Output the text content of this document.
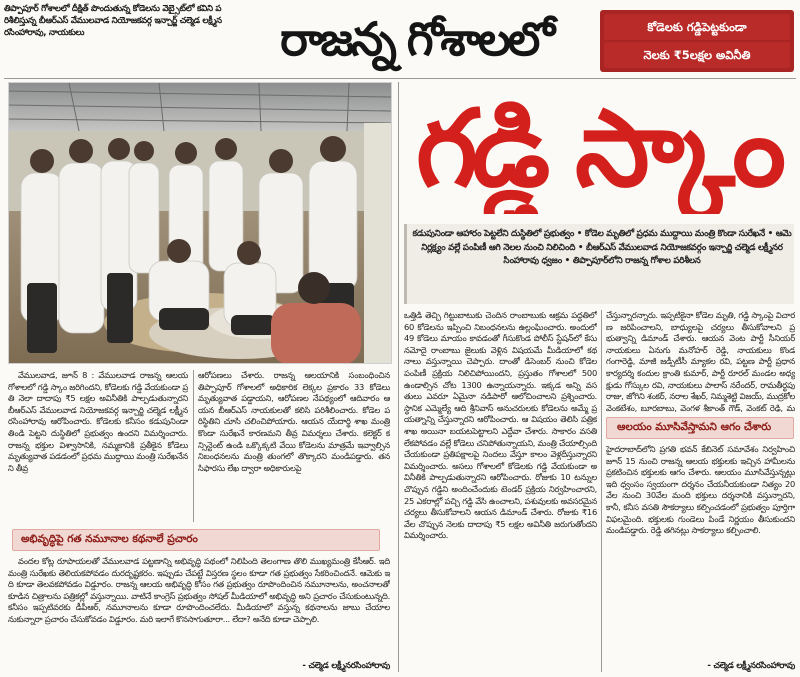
తిప్పాపూర్ గోశాలలో దీక్షిత్ పొందుతున్న కోడెలను వెబ్సైట్‌లో కవిని పరిశీలిస్తున్న బీఆర్ఎస్ వేములవాడ నియోజకవర్గ ఇన్చార్జ్ చల్మెడ లక్ష్మీనరసింహారావు, నాయకులు	రాజన్న గోశాలలో	కోడెలకు గడ్డిపెట్టకుండా
నెలకు ₹5లక్షల అవినీతి
గడ్డి స్కాం
కడుపునిండా ఆహారం పెట్టలేని దుస్థితిలో ప్రభుత్వం • కోడెల మృతిలో ప్రధమ ముద్దాయి మంత్రి కొండా సురేఖనే • ఆమె నిర్లక్ష్యం వల్లే పంపిణీ ఆగి నెలల నుంచి నిలిచింది • బీఆర్ఎస్ వేములవాడ నియోజకవర్గం ఇన్చార్జి చల్మెడ లక్ష్మీనరసింహారావు ధ్వజం • తిప్పాపూర్‌లోని రాజన్న గోశాల పరిశీలన
వేములవాడ, జూన్ 8 : వేములవాడ రాజన్న ఆలయ గోశాలలో గడ్డి స్కాం జరిగిందని, కోడెలకు గడ్డి వేయకుండా ప్రతి నెలా దాదాపు ₹5 లక్షల అవినీతికి పాల్పడుతున్నారని బీఆర్ఎస్ వేములవాడ నియోజకవర్గ ఇన్చార్జి చల్మెడ లక్ష్మీనరసింహారావు ఆరోపించారు. కోడెలకు కనీసం కడుపునిండా తిండి పెట్టని దుస్థితిలో ప్రభుత్వం ఉందని విమర్శించారు. రాజన్న భక్తుల విశ్వాసానికి, నమ్మకానికి ప్రతీకైన కోడెలు మృత్యువాత పడడంలో ప్రధమ ముద్దాయి మంత్రి సురేఖనేనని తీవ్ర
ఆరోపణలు చేశారు. రాజన్న ఆలయానికి సంబంధించిన తిప్పాపూర్ గోశాలలో అధికారిక లెక్కల ప్రకారం 33 కోడెలు మృత్యువాత పడ్డాయని, ఆరోపణల నేపథ్యంలో ఆదివారం ఆయన బీఆర్ఎస్ నాయకులతో కలిసి పరిశీలించారు. కోడెల పరిస్థితిని చూసి చలించిపోయారు. ఆయన యేదార్థి శాఖ మంత్రి కొండా సురేఖనే కారణమని తీవ్ర విమర్శలు చేశారు. కలెక్టర్ కన్సిన్టెంట్ ఉండి ఒక్కొక్కటి వేయి కోడెలను మాత్రమే ఇవ్వాల్సిన నిబంధనలను మంత్రి తుంగలో తొక్కారని మండిపడ్డారు. తన సిఫారసు లేఖ ద్వారా అధికారులపై
అభివృద్ధిపై గత నమూనాల కథనాలే ప్రచారం
వందల కోట్ల రూపాయలతో వేములవాడ పట్టణాన్ని అభివృద్ధి పథంలో నిలిపింది తెలంగాణ తొలి ముఖ్యమంత్రి కేసీఆర్. ఇది మంత్రి సురేఖకు తెలియకపోవడం దురదృష్టకరం. ఇప్పుడు చేపట్టే విస్తరణ స్థలం కూడా గత ప్రభుత్వం సేకరించిందనే. ఆమెకు ఇది కూడా తెలవకపోవడం విడ్డూరం. రాజన్న ఆలయ అభివృద్ధి కోసం గత ప్రభుత్వం రూపొందించిన నమూనాలను, అంచనాలతో కూడిన చిత్రాలను పత్రికల్లో వస్తున్నాయి. వాటినే కాంగ్రెస్ ప్రభుత్వం సోషల్ మీడియాలో అభివృద్ధి అని ప్రచారం చేసుకుంటున్నది. కనీసం ఇప్పటివరకు డీపీఆర్, నమూనాలను కూడా రూపొందించలేదు. మీడియాలో వస్తున్న కథనాలను జాబు చేయాలనుకున్నారా ప్రచారం చేసుకోవడం విడ్డూరం. మరి ఇలాగే కొనసాగుతూరా... లేదా? అనేది కూడా చెప్పాలి.
- చల్మెడ లక్ష్మీనరసింహారావు
ఒత్తిడి తెచ్చి గిట్టుబాటుకు చెందిన రాంబాబుకు ఆక్రమ పద్ధతిలో 60 కోడెలను ఇప్పించి నిబంధనలను ఉల్లంఘించారు. అందులో 49 కోడెలు మాయం కావడంతో గీసుకొండ పోలీస్ స్టేషన్‌లో కేసు నమోదై రాంబాబు జైలుకు వెళ్లిన విషయమే మీడియాలో కథనాలు వస్తున్నాయి చెప్పారు. దాంతో డిసెంబర్ నుంచి కోడెల పంపిణీ ప్రక్రియ నిలిచిపోయిందని, ప్రస్తుతం గోశాలలో 500 ఉండాల్సిన చోట 1300 ఉన్నాయన్నారు. ఇక్కడ అన్ని వసతులు ఎవరూ ఏమైనా నడిపారో ఆలోచించాలని ప్రశ్నించారు. స్థానిక ఎమ్మెల్యే ఆది శ్రీనివాస్ అనుచరులకు కోడెలను అమ్మే ప్రయత్నాన్ని చేస్తున్నారని ఆరోపించారు. ఆ విషయం తెలిసి పత్రిక శాఖ అయినా బయటపెట్టాలని ఎద్దేవా చేశారు. సాకారం వసతి లేకపోవడం వల్లే కోడెలు చనిపోతున్నాయని, మంత్రి చేయాల్సింది చేయకుండా ప్రతిపక్షాలపై నిందలు వేస్తూ కాలం వెళ్లదీస్తున్నారని విమర్శించారు. అసలు గోశాలలో కోడెలకు గడ్డి వేయకుండా అవినీతికి పాల్పడుతున్నారని ఆరోపించారు. రోజుకు 10 టన్నుల చొప్పున గడ్డిని అందించేందుకు టెండర్ ప్రక్రియ నిర్వహించారని, 25 ఎకరాల్లో పచ్చి గడ్డి వేసి ఉంచాలని, పశువులకు అవసరమైన చర్యలు తీసుకోవాలని ఆయన డిమాండ్ చేశారు. రోజుకు ₹16 వేల చొప్పున నెలకు దాదాపు ₹5 లక్షల అవినీతి జరుగుతోందని విమర్శించారు.
చేస్తున్నారన్నారు. ఇప్పటికైనా కోడెల మృతి, గడ్డి స్కాంపై విచారణ జరిపించాలని, బాధ్యులపై చర్యలు తీసుకోవాలని ప్రభుత్వాన్ని డిమాండ్ చేశారు. ఆయన వెంట పార్టీ సీనియర్ నాయకులు ఏనుగు మనోహర్ రెడ్డి, నాయకులు కొండ గంగారెడ్డి, మాజీ జడ్పీటీసీ మ్యాకల రవి, పట్టణ పార్టీ ప్రధాన కార్యదర్శి కందుల క్రాంతి కుమార్, పార్టీ రూరల్ మండల అధ్యక్షుడు గోస్కుల రవి, నాయకులు పాలాస్ నరేందర్, రామతీర్థపు రాజు, జోగిని శంకర్, నరాల శేఖర్, నిమ్మశెట్టి విజయ్, ముద్రకోల వెంకటేశం, బూరబాబు, వెంగళ శ్రీకాంత్ గౌడ్, వెంకట్ రెడ్డి, మ
ఆలయం మూసివేస్తామని ఆగం చేశారు
హైదరాబాద్‌లోని ప్రగతి భవన్ కేబినెట్ సమావేశం నిర్వహించి జూన్ 15 నుంచి రాజన్న ఆలయ భక్తులకు ఇచ్చిన హామీలను ప్రకటించిన భక్తులకు ఆగం చేశారు. ఆలయం మూసివేస్తున్నట్లు ఇది ధ్వంసం స్వయంగా దర్శనం చేయనీయకుండా నిత్యం 20వేల నుంచి 30వేల మంది భక్తులు దర్శనానికి వస్తున్నారని, కానీ, కనీస వసతి సౌకర్యాలు కల్పించడంలో ప్రభుత్వం పూర్తిగా విఫలమైంది. భక్తులకు గుండెలు పిండే నిర్ణయం తీసుకుందని మండిపడ్డారు. రెడ్డి తగినట్లు సాకర్యాలు కల్పించాలి.
- చల్మెడ లక్ష్మీనరసింహారావు
